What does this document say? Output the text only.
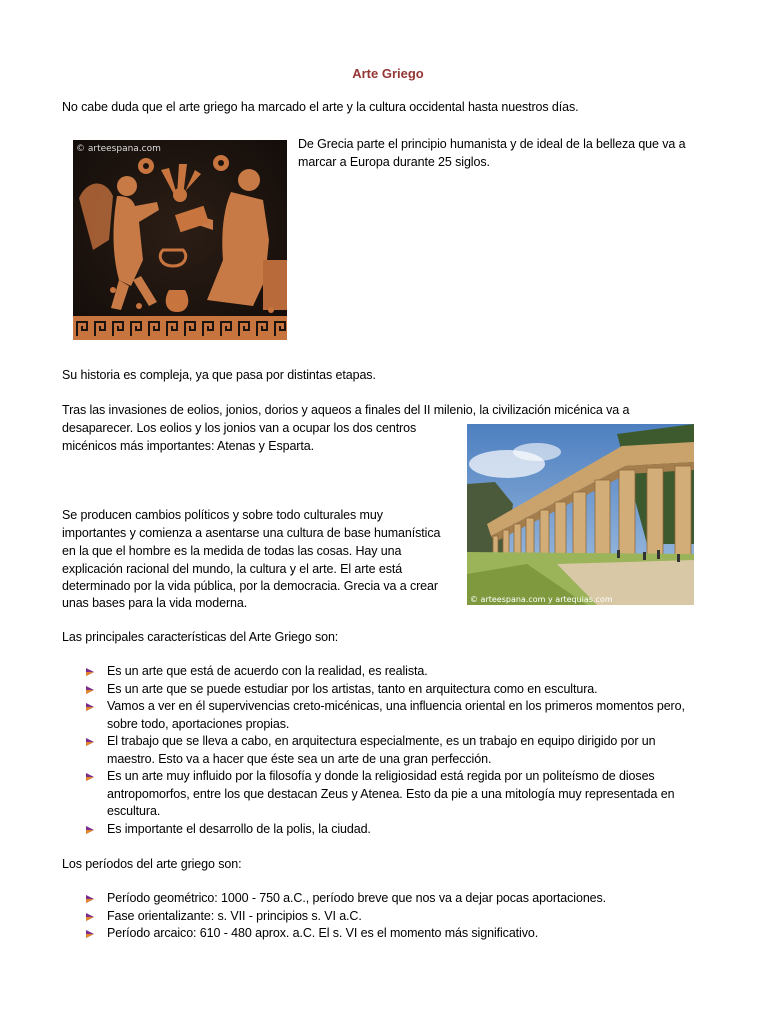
Arte Griego
No cabe duda que el arte griego ha marcado el arte y la cultura occidental hasta nuestros días.
© artеespana.com	De Grecia parte el principio humanista y de ideal de la belleza que va a
marcar a Europa durante 25 siglos.
Su historia es compleja, ya que pasa por distintas etapas.
Tras las invasiones de eolios, jonios, dorios y aqueos a finales del II milenio, la civilización micénica va a
desaparecer. Los eolios y los jonios van a ocupar los dos centros
micénicos más importantes: Atenas y Esparta.
© arteespana.com y artequias.com
Se producen cambios políticos y sobre todo culturales muy
importantes y comienza a asentarse una cultura de base humanística
en la que el hombre es la medida de todas las cosas. Hay una
explicación racional del mundo, la cultura y el arte. El arte está
determinado por la vida pública, por la democracia. Grecia va a crear
unas bases para la vida moderna.
Las principales características del Arte Griego son:
Es un arte que está de acuerdo con la realidad, es realista.
Es un arte que se puede estudiar por los artistas, tanto en arquitectura como en escultura.
Vamos a ver en él supervivencias creto-micénicas, una influencia oriental en los primeros momentos pero,
sobre todo, aportaciones propias.
El trabajo que se lleva a cabo, en arquitectura especialmente, es un trabajo en equipo dirigido por un
maestro. Esto va a hacer que éste sea un arte de una gran perfección.
Es un arte muy influido por la filosofía y donde la religiosidad está regida por un politeísmo de dioses
antropomorfos, entre los que destacan Zeus y Atenea. Esto da pie a una mitología muy representada en
escultura.
Es importante el desarrollo de la polis, la ciudad.
Los períodos del arte griego son:
Período geométrico: 1000 - 750 a.C., período breve que nos va a dejar pocas aportaciones.
Fase orientalizante: s. VII - principios s. VI a.C.
Período arcaico: 610 - 480 aprox. a.C. El s. VI es el momento más significativo.
